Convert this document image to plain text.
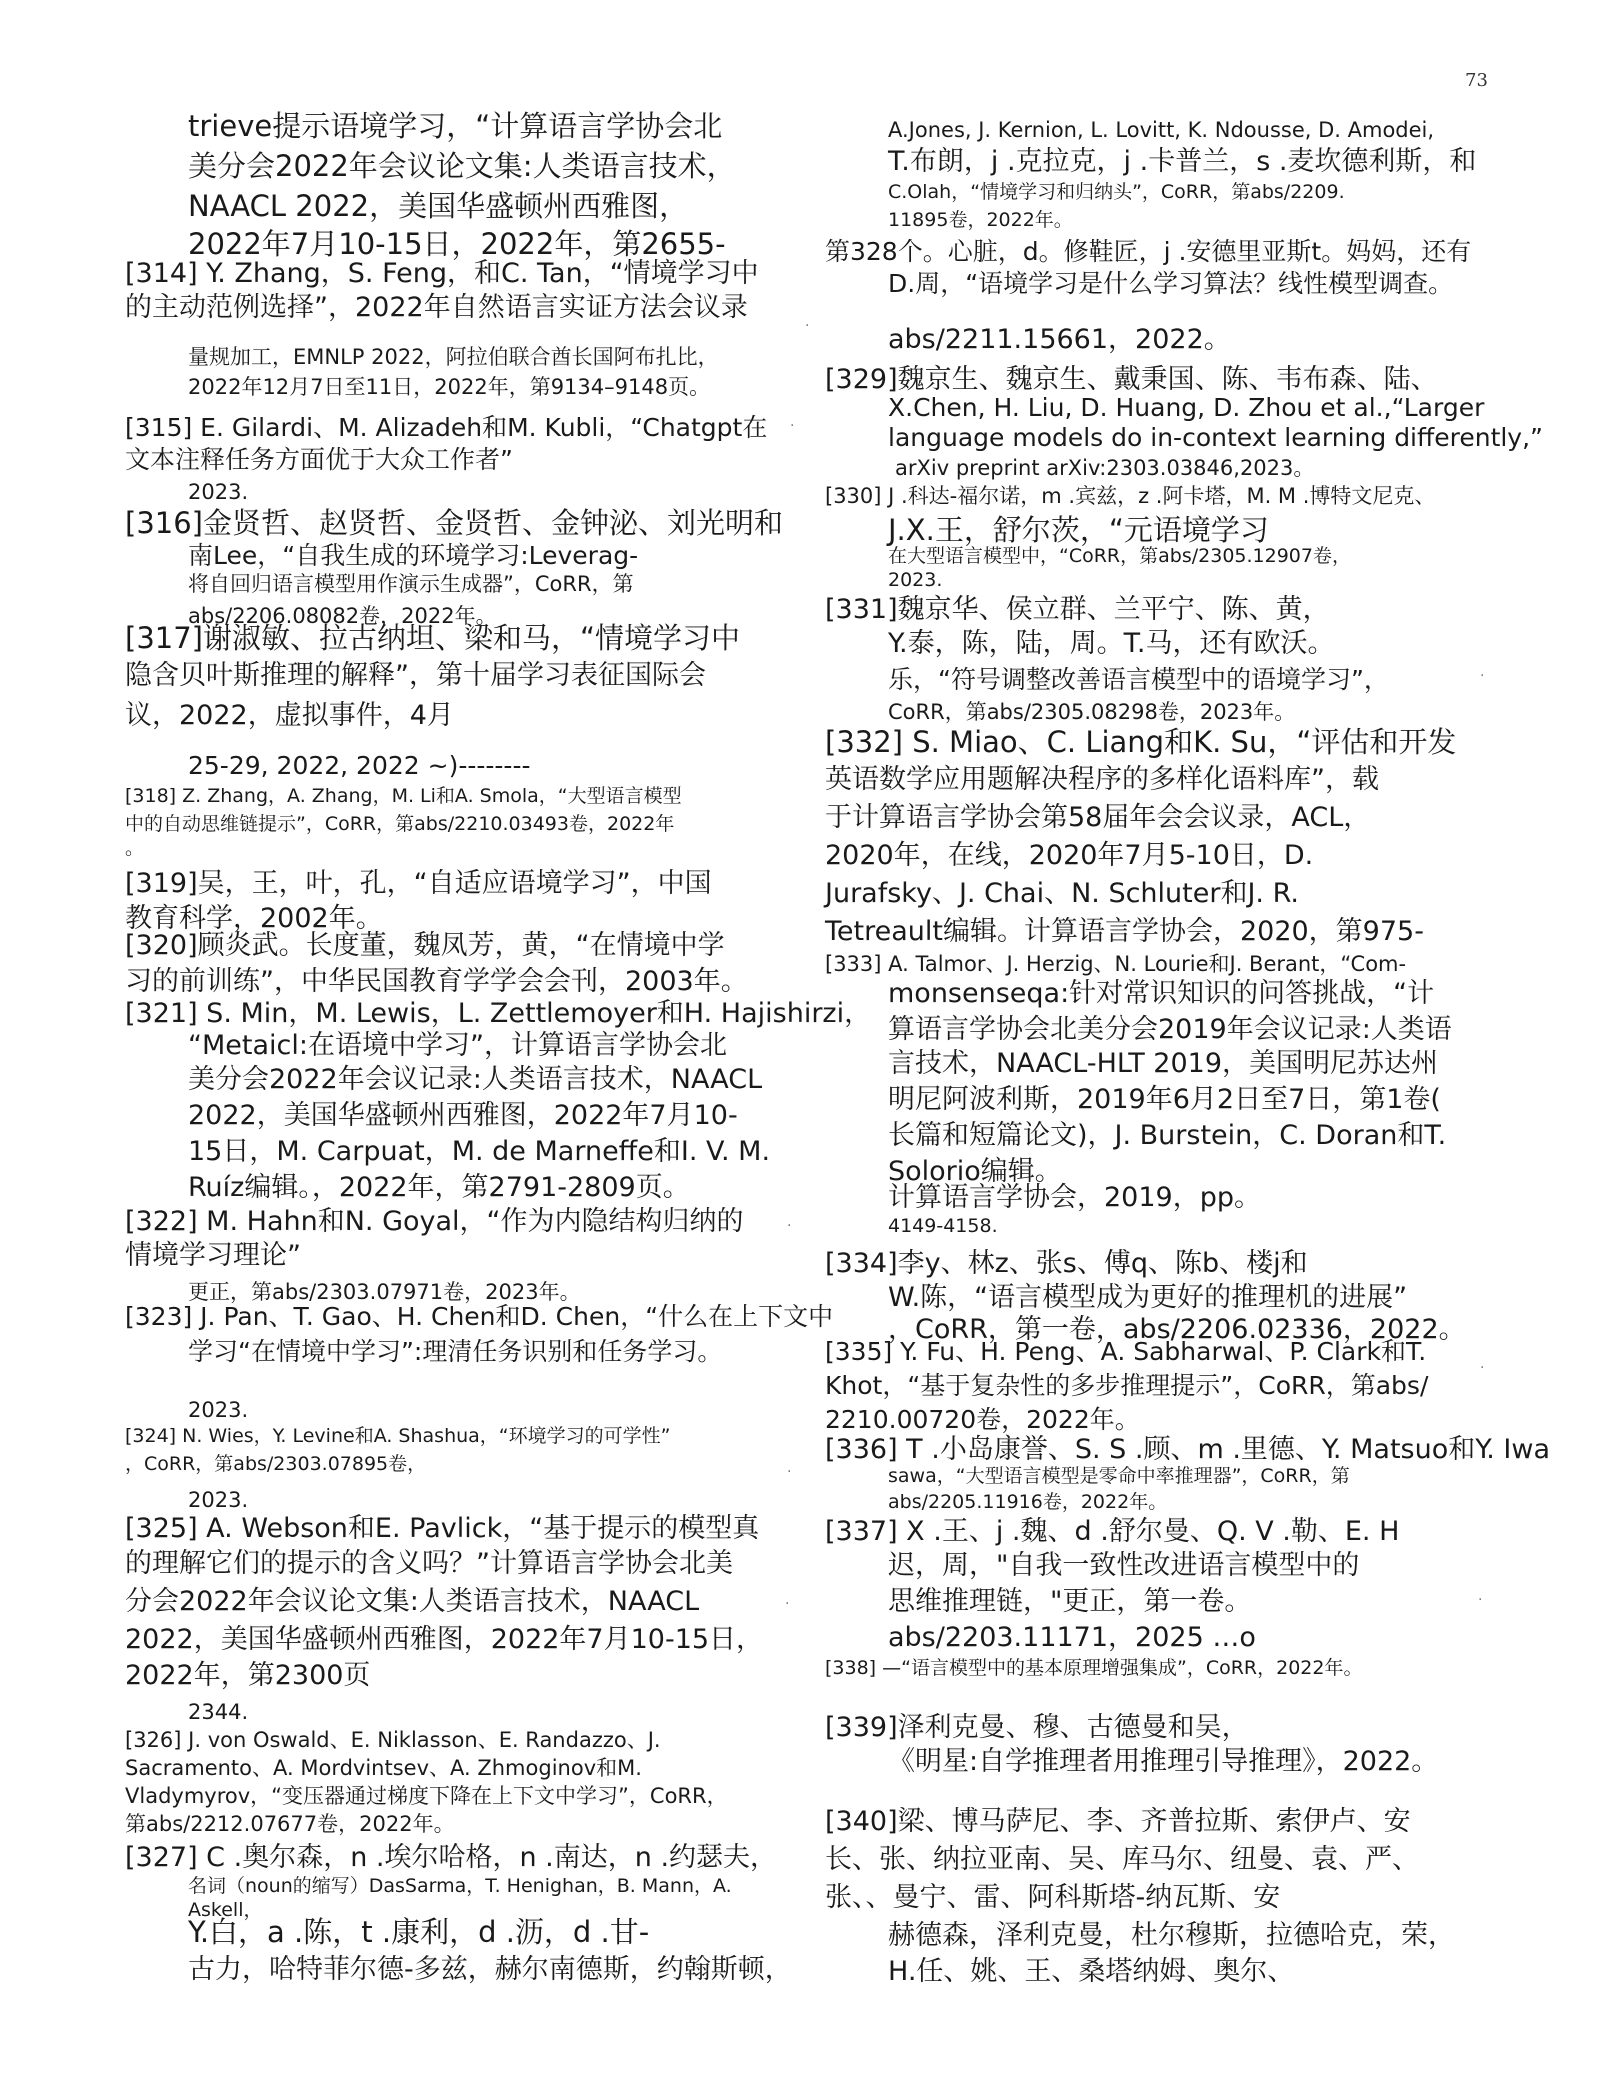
73
·
·
·
·
·
·
·
·
trieve提示语境学习，“计算语言学协会北
美分会2022年会议论文集:人类语言技术，
NAACL 2022，美国华盛顿州西雅图，
2022年7月10-15日，2022年，第2655-
[314] Y. Zhang，S. Feng，和C. Tan，“情境学习中
的主动范例选择”，2022年自然语言实证方法会议录
量规加工，EMNLP 2022，阿拉伯联合酋长国阿布扎比，
2022年12月7日至11日，2022年，第9134–9148页。
[315] E. Gilardi、M. Alizadeh和M. Kubli，“Chatgpt在
文本注释任务方面优于大众工作者”
2023.
[316]金贤哲、赵贤哲、金贤哲、金钟泌、刘光明和
南Lee，“自我生成的环境学习:Leverag-
将自回归语言模型用作演示生成器”，CoRR，第
abs/2206.08082卷，2022年。
[317]谢淑敏、拉古纳坦、梁和马，“情境学习中
隐含贝叶斯推理的解释”，第十届学习表征国际会
议，2022，虚拟事件，4月
25-29, 2022, 2022 ~)--------
[318] Z. Zhang，A. Zhang，M. Li和A. Smola，“大型语言模型
中的自动思维链提示”，CoRR，第abs/2210.03493卷，2022年
。
[319]吴，王，叶，孔，“自适应语境学习”，中国
教育科学，2002年。
[320]顾炎武。长度董，魏凤芳，黄，“在情境中学
习的前训练”，中华民国教育学学会会刊，2003年。
[321] S. Min，M. Lewis，L. Zettlemoyer和H. Hajishirzi，
“Metaicl:在语境中学习”，计算语言学协会北
美分会2022年会议记录:人类语言技术，NAACL
2022，美国华盛顿州西雅图，2022年7月10-
15日，M. Carpuat，M. de Marneffe和I. V. M.
Ruíz编辑。，2022年，第2791-2809页。
[322] M. Hahn和N. Goyal，“作为内隐结构归纳的
情境学习理论”
更正，第abs/2303.07971卷，2023年。
[323] J. Pan、T. Gao、H. Chen和D. Chen，“什么在上下文中
学习“在情境中学习”:理清任务识别和任务学习。
2023.
[324] N. Wies，Y. Levine和A. Shashua，“环境学习的可学性”
，CoRR，第abs/2303.07895卷，
2023.
[325] A. Webson和E. Pavlick，“基于提示的模型真
的理解它们的提示的含义吗？”计算语言学协会北美
分会2022年会议论文集:人类语言技术，NAACL
2022，美国华盛顿州西雅图，2022年7月10-15日，
2022年，第2300页
2344.
[326] J. von Oswald、E. Niklasson、E. Randazzo、J.
Sacramento、A. Mordvintsev、A. Zhmoginov和M.
Vladymyrov，“变压器通过梯度下降在上下文中学习”，CoRR，
第abs/2212.07677卷，2022年。
[327] C .奥尔森，n .埃尔哈格，n .南达，n .约瑟夫，
名词（noun的缩写）DasSarma，T. Henighan，B. Mann，A.
Askell，
Y.白，a .陈，t .康利，d .沥，d .甘-
古力，哈特菲尔德-多兹，赫尔南德斯，约翰斯顿，
A.Jones, J. Kernion, L. Lovitt, K. Ndousse, D. Amodei,
T.布朗，j .克拉克，j .卡普兰，s .麦坎德利斯，和
C.Olah，“情境学习和归纳头”，CoRR，第abs/2209.
11895卷，2022年。
第328个。心脏，d。修鞋匠，j .安德里亚斯t。妈妈，还有
D.周，“语境学习是什么学习算法？线性模型调查。
abs/2211.15661，2022。
[329]魏京生、魏京生、戴秉国、陈、韦布森、陆、
X.Chen, H. Liu, D. Huang, D. Zhou et al.,“Larger
language models do in-context learning differently,”
arXiv preprint arXiv:2303.03846,2023。
[330] J .科达-福尔诺，m .宾兹，z .阿卡塔，M. M .博特文尼克、
J.X.王，舒尔茨，“元语境学习
在大型语言模型中，“CoRR，第abs/2305.12907卷，
2023.
[331]魏京华、侯立群、兰平宁、陈、黄，
Y.泰，陈，陆，周。T.马，还有欧沃。
乐，“符号调整改善语言模型中的语境学习”，
CoRR，第abs/2305.08298卷，2023年。
[332] S. Miao、C. Liang和K. Su，“评估和开发
英语数学应用题解决程序的多样化语料库”，载
于计算语言学协会第58届年会会议录，ACL，
2020年，在线，2020年7月5-10日，D.
Jurafsky、J. Chai、N. Schluter和J. R.
Tetreault编辑。计算语言学协会，2020，第975-
[333] A. Talmor、J. Herzig、N. Lourie和J. Berant，“Com-
monsenseqa:针对常识知识的问答挑战，“计
算语言学协会北美分会2019年会议记录:人类语
言技术，NAACL-HLT 2019，美国明尼苏达州
明尼阿波利斯，2019年6月2日至7日，第1卷(
长篇和短篇论文)，J. Burstein，C. Doran和T.
Solorio编辑。
计算语言学协会，2019，pp。
4149-4158.
[334]李y、林z、张s、傅q、陈b、楼j和
W.陈，“语言模型成为更好的推理机的进展”
，CoRR，第一卷，abs/2206.02336，2022。
[335] Y. Fu、H. Peng、A. Sabharwal、P. Clark和T.
Khot，“基于复杂性的多步推理提示”，CoRR，第abs/
2210.00720卷，2022年。
[336] T .小岛康誉、S. S .顾、m .里德、Y. Matsuo和Y. Iwa
sawa，“大型语言模型是零命中率推理器”，CoRR，第
abs/2205.11916卷，2022年。
[337] X .王、j .魏、d .舒尔曼、Q. V .勒、E. H
迟，周，"自我一致性改进语言模型中的
思维推理链，"更正，第一卷。
abs/2203.11171，2025 …o
[338] —“语言模型中的基本原理增强集成”，CoRR，2022年。
[339]泽利克曼、穆、古德曼和吴，
《明星:自学推理者用推理引导推理》，2022。
[340]梁、博马萨尼、李、齐普拉斯、索伊卢、安
长、张、纳拉亚南、吴、库马尔、纽曼、袁、严、
张、、曼宁、雷、阿科斯塔-纳瓦斯、安
赫德森，泽利克曼，杜尔穆斯，拉德哈克，荣，
H.任、姚、王、桑塔纳姆、奥尔、
